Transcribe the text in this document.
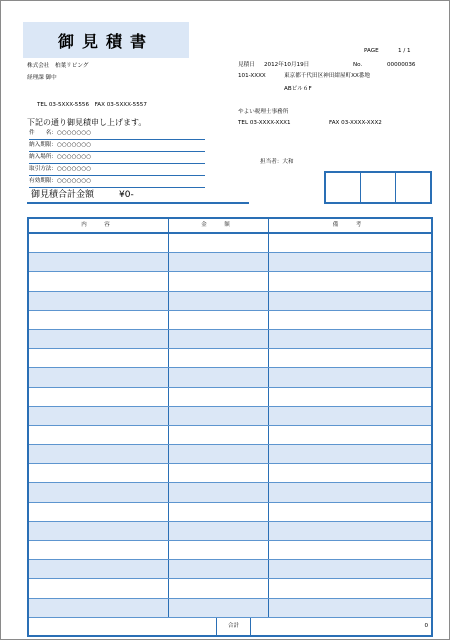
御見積書
PAGE	1 / 1
株式会社　柏葉リビング
経理課 御中
TEL 03-5XXX-5556　FAX 03-5XXX-5557
見積日 2012年10月19日	No.	00000036
101-XXXX	東京都千代田区神田紺屋町XX番地
ABビル６F
やよい税理士事務所
TEL 03-XXXX-XXX1	FAX 03-XXXX-XXX2
担当者：大和
下記の通り御見積申し上げます。
件　　名：○○○○○○○
納入期限：○○○○○○○
納入場所：○○○○○○○
取引方法：○○○○○○○
有効期限：○○○○○○○
御見積合計金額	¥0-
内　容	金　額	備　考
合計	0
